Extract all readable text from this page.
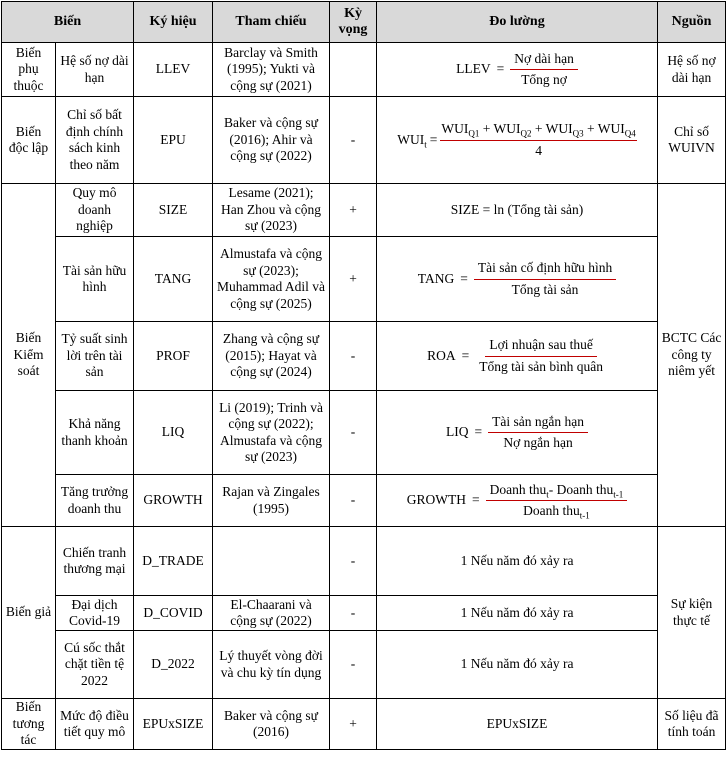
Biến		Ký hiệu	Tham chiếu	Kỳ vọng	Đo lường	Nguồn
Biến phụ thuộc	Hệ số nợ dài hạn	LLEV	Barclay và Smith (1995); Yukti và cộng sự (2021)		LLEV = $\frac{\text{Nợ dài hạn}}{\text{Tổng nợ}}$	Hệ số nợ dài hạn
Biến độc lập	Chỉ số bất định chính sách kinh theo năm	EPU	Baker và cộng sự (2016); Ahir và cộng sự (2022)	-	$WUI_t = \frac{WUI_{Q1} + WUI_{Q2} + WUI_{Q3} + WUI_{Q4}}{4}$	Chỉ số WUIVN
Biến Kiểm soát	Quy mô doanh nghiệp	SIZE	Lesame (2021); Han Zhou và cộng sự (2023)	+	SIZE = ln (Tổng tài sản)	BCTC Các công ty niêm yết
	Tài sản hữu hình	TANG	Almustafa và cộng sự (2023); Muhammad Adil và cộng sự (2025)	+	TANG = $\frac{\text{Tài sản cố định hữu hình}}{\text{Tổng tài sản}}$

	Tỷ suất sinh lời trên tài sản	PROF	Zhang và cộng sự (2015); Hayat và cộng sự (2024)	-	ROA = $\frac{\text{Lợi nhuận sau thuế}}{\text{Tổng tài sản bình quân}}$

	Khả năng thanh khoản	LIQ	Li (2019); Trinh và cộng sự (2022); Almustafa và cộng sự (2023)	-	LIQ = $\frac{\text{Tài sản ngắn hạn}}{\text{Nợ ngắn hạn}}$

	Tăng trưởng doanh thu	GROWTH	Rajan và Zingales (1995)	-	GROWTH = $\frac{Doanh thu_t- Doanh thu_{t-1}}{Doanh thu_{t-1}}$

Biến giả	Chiến tranh thương mại	D_TRADE		-	1 Nếu năm đó xảy ra	Sự kiện thực tế
	Đại dịch Covid-19	D_COVID	El-Chaarani và cộng sự (2022)	-	1 Nếu năm đó xảy ra	
	Cú sốc thắt chặt tiền tệ 2022	D_2022	Lý thuyết vòng đời và chu kỳ tín dụng	-	1 Nếu năm đó xảy ra	
Biến tương tác	Mức độ điều tiết quy mô	EPUxSIZE	Baker và cộng sự (2016)	+	EPUxSIZE	Số liệu đã tính toán
